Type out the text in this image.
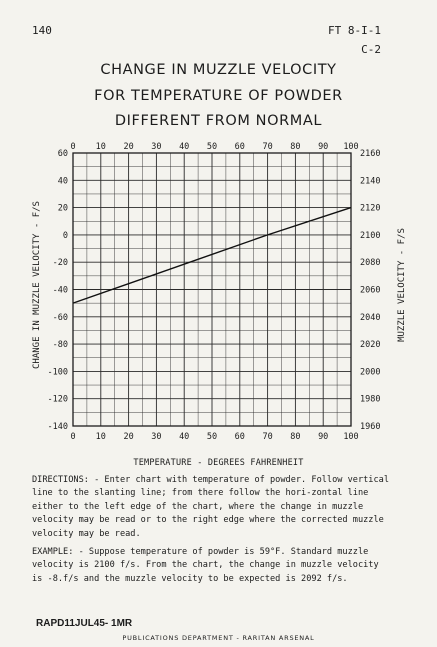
140	FT 8-I-1
C-2
CHANGE IN MUZZLE VELOCITY
FOR TEMPERATURE OF POWDER
DIFFERENT FROM NORMAL
0 10 20 30 40 50 60 70 80 90 100
0 10 20 30 40 50 60 70 80 90 100
60
40
20
0
-20
-40
-60
-80
-100
-120
-140
2160
2140
2120
2100
2080
2060
2040
2020
2000
1980
1960
CHANGE IN MUZZLE VELOCITY - F/S	MUZZLE VELOCITY - F/S
TEMPERATURE - DEGREES FAHRENHEIT
DIRECTIONS: - Enter chart with temperature of powder. Follow vertical line to the slanting line; from there follow the hori-zontal line either to the left edge of the chart, where the change in muzzle velocity may be read or to the right edge where the corrected muzzle velocity may be read.
EXAMPLE: - Suppose temperature of powder is 59°F. Standard muzzle velocity is 2100 f/s. From the chart, the change in muzzle velocity is -8.f/s and the muzzle velocity to be expected is 2092 f/s.
RAPD11JUL45- 1MR
PUBLICATIONS DEPARTMENT - RARITAN ARSENAL
